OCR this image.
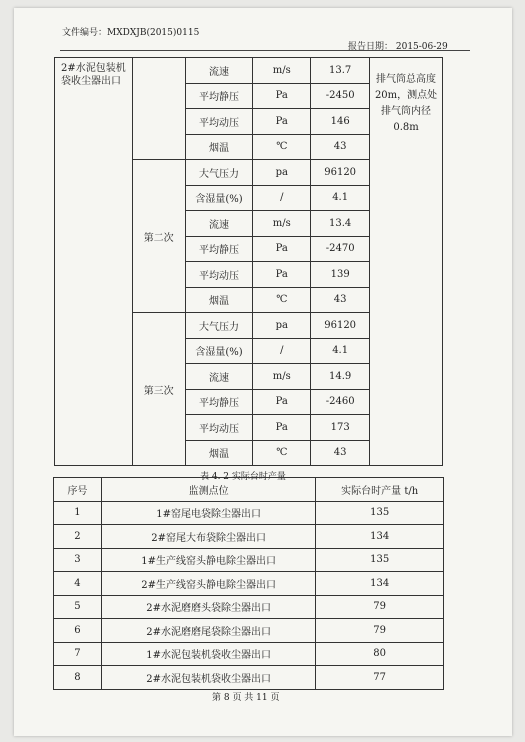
文件编号：MXDXJB(2015)0115
报告日期： 2015-06-29
2#水泥包装机袋收尘器出口		流速	m/s	13.7	排气筒总高度20m，测点处排气筒内径0.8m
		平均静压	Pa	-2450	
		平均动压	Pa	146	
		烟温	℃	43	
	第二次	大气压力	pa	96120	
		含湿量(%)	/	4.1	
		流速	m/s	13.4	
		平均静压	Pa	-2470	
		平均动压	Pa	139	
		烟温	℃	43	
	第三次	大气压力	pa	96120	
		含湿量(%)	/	4.1	
		流速	m/s	14.9	
		平均静压	Pa	-2460	
		平均动压	Pa	173	
		烟温	℃	43	
表 4. 2 实际台时产量
序号	监测点位	实际台时产量 t/h
1	1#窑尾电袋除尘器出口	135
2	2#窑尾大布袋除尘器出口	134
3	1#生产线窑头静电除尘器出口	135
4	2#生产线窑头静电除尘器出口	134
5	2#水泥磨磨头袋除尘器出口	79
6	2#水泥磨磨尾袋除尘器出口	79
7	1#水泥包装机袋收尘器出口	80
8	2#水泥包装机袋收尘器出口	77
第 8 页 共 11 页
